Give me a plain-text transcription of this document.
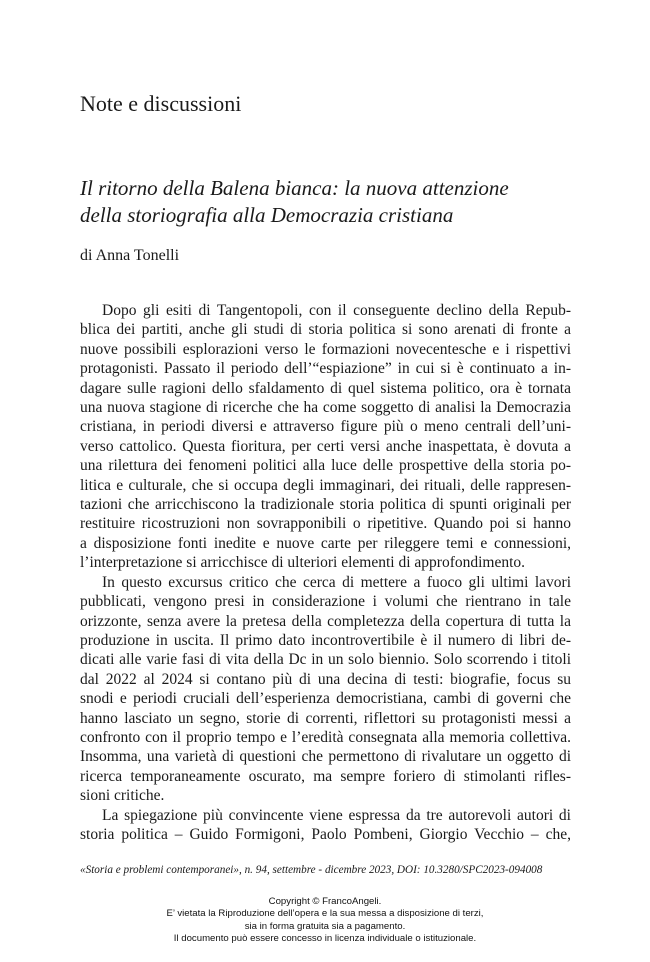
Note e discussioni
Il ritorno della Balena bianca: la nuova attenzione
della storiografia alla Democrazia cristiana

di Anna Tonelli

Dopo gli esiti di Tangentopoli, con il conseguente declino della Repub-
blica dei partiti, anche gli studi di storia politica si sono arenati di fronte a
nuove possibili esplorazioni verso le formazioni novecentesche e i rispettivi
protagonisti. Passato il periodo dell’“espiazione” in cui si è continuato a in-
dagare sulle ragioni dello sfaldamento di quel sistema politico, ora è tornata
una nuova stagione di ricerche che ha come soggetto di analisi la Democrazia
cristiana, in periodi diversi e attraverso figure più o meno centrali dell’uni-
verso cattolico. Questa fioritura, per certi versi anche inaspettata, è dovuta a
una rilettura dei fenomeni politici alla luce delle prospettive della storia po-
litica e culturale, che si occupa degli immaginari, dei rituali, delle rappresen-
tazioni che arricchiscono la tradizionale storia politica di spunti originali per
restituire ricostruzioni non sovrapponibili o ripetitive. Quando poi si hanno
a disposizione fonti inedite e nuove carte per rileggere temi e connessioni,
l’interpretazione si arricchisce di ulteriori elementi di approfondimento.

In questo excursus critico che cerca di mettere a fuoco gli ultimi lavori
pubblicati, vengono presi in considerazione i volumi che rientrano in tale
orizzonte, senza avere la pretesa della completezza della copertura di tutta la
produzione in uscita. Il primo dato incontrovertibile è il numero di libri de-
dicati alle varie fasi di vita della Dc in un solo biennio. Solo scorrendo i titoli
dal 2022 al 2024 si contano più di una decina di testi: biografie, focus su
snodi e periodi cruciali dell’esperienza democristiana, cambi di governi che
hanno lasciato un segno, storie di correnti, riflettori su protagonisti messi a
confronto con il proprio tempo e l’eredità consegnata alla memoria collettiva.
Insomma, una varietà di questioni che permettono di rivalutare un oggetto di
ricerca temporaneamente oscurato, ma sempre foriero di stimolanti rifles-
sioni critiche.

La spiegazione più convincente viene espressa da tre autorevoli autori di
storia politica – Guido Formigoni, Paolo Pombeni, Giorgio Vecchio – che,

«Storia e problemi contemporanei», n. 94, settembre - dicembre 2023, DOI: 10.3280/SPC2023-094008

Copyright © FrancoAngeli.
E’ vietata la Riproduzione dell’opera e la sua messa a disposizione di terzi,
sia in forma gratuita sia a pagamento.
Il documento può essere concesso in licenza individuale o istituzionale.
